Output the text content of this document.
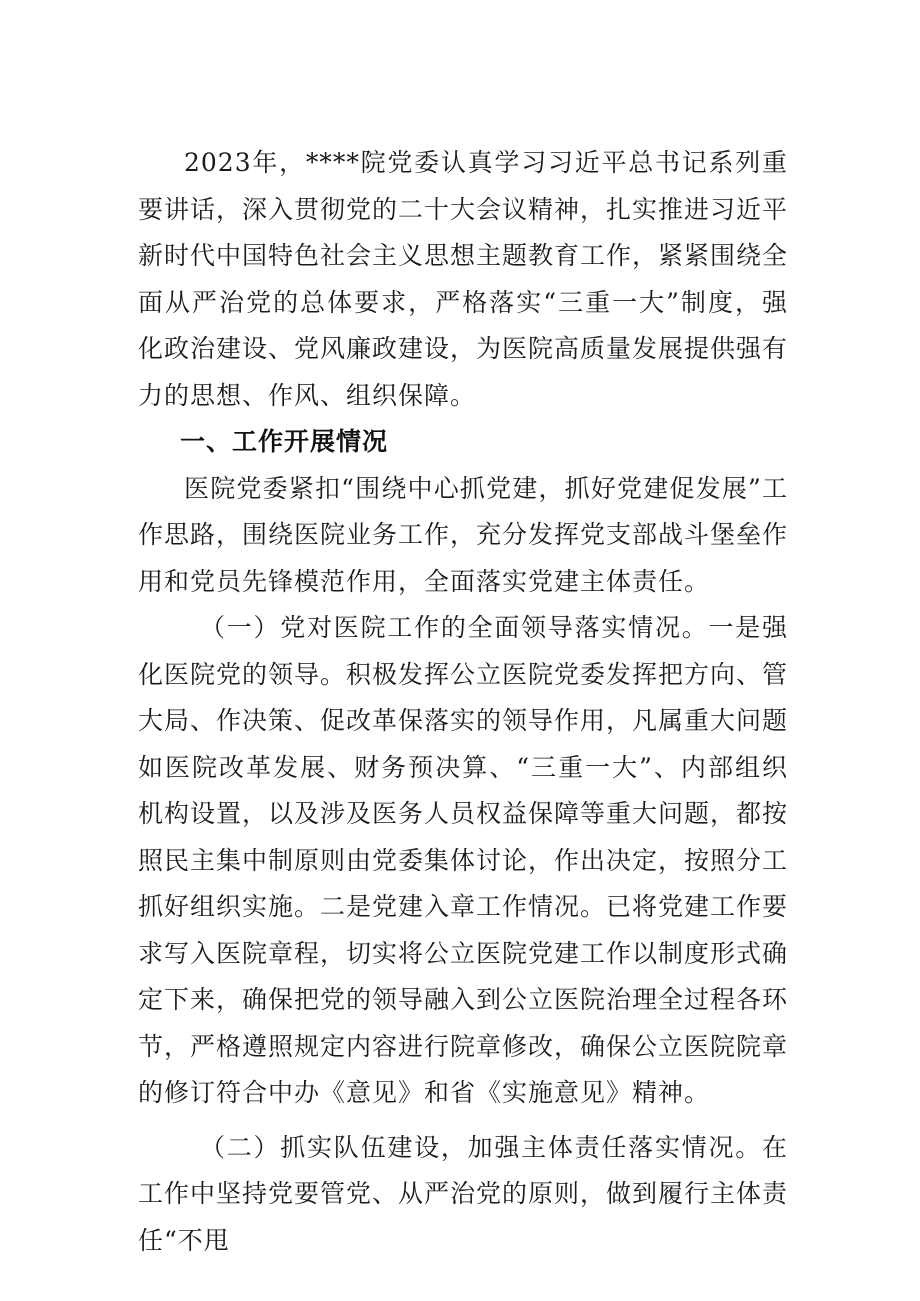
2023年，****院党委认真学习习近平总书记系列重要讲话，深入贯彻党的二十大会议精神，扎实推进习近平新时代中国特色社会主义思想主题教育工作，紧紧围绕全面从严治党的总体要求，严格落实“三重一大”制度，强化政治建设、党风廉政建设，为医院高质量发展提供强有力的思想、作风、组织保障。

一、工作开展情况

医院党委紧扣“围绕中心抓党建，抓好党建促发展”工作思路，围绕医院业务工作，充分发挥党支部战斗堡垒作用和党员先锋模范作用，全面落实党建主体责任。

（一）党对医院工作的全面领导落实情况。一是强化医院党的领导。积极发挥公立医院党委发挥把方向、管大局、作决策、促改革保落实的领导作用，凡属重大问题如医院改革发展、财务预决算、“三重一大”、内部组织机构设置，以及涉及医务人员权益保障等重大问题，都按照民主集中制原则由党委集体讨论，作出决定，按照分工抓好组织实施。二是党建入章工作情况。已将党建工作要求写入医院章程，切实将公立医院党建工作以制度形式确定下来，确保把党的领导融入到公立医院治理全过程各环节，严格遵照规定内容进行院章修改，确保公立医院院章的修订符合中办《意见》和省《实施意见》精神。

（二）抓实队伍建设，加强主体责任落实情况。在工作中坚持党要管党、从严治党的原则，做到履行主体责任“不甩
